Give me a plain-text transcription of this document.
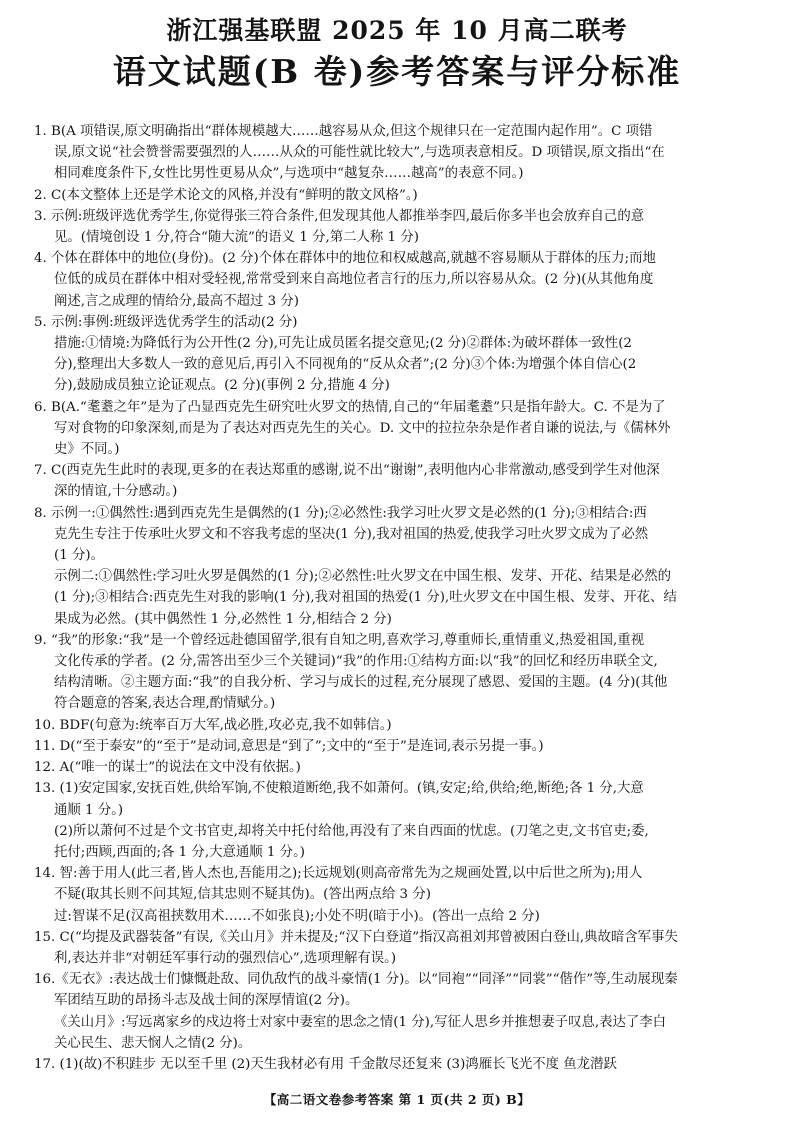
浙江强基联盟 2025 年 10 月高二联考
语文试题(B 卷)参考答案与评分标准
1. B(A 项错误,原文明确指出“群体规模越大……越容易从众,但这个规律只在一定范围内起作用”。C 项错
误,原文说“社会赞誉需要强烈的人……从众的可能性就比较大”,与选项表意相反。D 项错误,原文指出“在
相同难度条件下,女性比男性更易从众”,与选项中“越复杂……越高”的表意不同。)
2. C(本文整体上还是学术论文的风格,并没有“鲜明的散文风格”。)
3. 示例:班级评选优秀学生,你觉得张三符合条件,但发现其他人都推举李四,最后你多半也会放弃自己的意
见。(情境创设 1 分,符合“随大流”的语义 1 分,第二人称 1 分)
4. 个体在群体中的地位(身份)。(2 分)个体在群体中的地位和权威越高,就越不容易顺从于群体的压力;而地
位低的成员在群体中相对受轻视,常常受到来自高地位者言行的压力,所以容易从众。(2 分)(从其他角度
阐述,言之成理的情给分,最高不超过 3 分)
5. 示例:事例:班级评选优秀学生的活动(2 分)
措施:①情境:为降低行为公开性(2 分),可先让成员匿名提交意见;(2 分)②群体:为破坏群体一致性(2
分),整理出大多数人一致的意见后,再引入不同视角的“反从众者”;(2 分)③个体:为增强个体自信心(2
分),鼓励成员独立论证观点。(2 分)(事例 2 分,措施 4 分)
6. B(A.“耄耋之年”是为了凸显西克先生研究吐火罗文的热情,自己的“年届耄耋”只是指年龄大。C. 不是为了
写对食物的印象深刻,而是为了表达对西克先生的关心。D. 文中的拉拉杂杂是作者自谦的说法,与《儒林外
史》不同。)
7. C(西克先生此时的表现,更多的在表达郑重的感谢,说不出“谢谢”,表明他内心非常激动,感受到学生对他深
深的情谊,十分感动。)
8. 示例一:①偶然性:遇到西克先生是偶然的(1 分);②必然性:我学习吐火罗文是必然的(1 分);③相结合:西
克先生专注于传承吐火罗文和不容我考虑的坚决(1 分),我对祖国的热爱,使我学习吐火罗文成为了必然
(1 分)。
示例二:①偶然性:学习吐火罗是偶然的(1 分);②必然性:吐火罗文在中国生根、发芽、开花、结果是必然的
(1 分);③相结合:西克先生对我的影响(1 分),我对祖国的热爱(1 分),吐火罗文在中国生根、发芽、开花、结
果成为必然。(其中偶然性 1 分,必然性 1 分,相结合 2 分)
9. “我”的形象:“我”是一个曾经远赴德国留学,很有自知之明,喜欢学习,尊重师长,重情重义,热爱祖国,重视
文化传承的学者。(2 分,需答出至少三个关键词)“我”的作用:①结构方面:以“我”的回忆和经历串联全文,
结构清晰。②主题方面:“我”的自我分析、学习与成长的过程,充分展现了感恩、爱国的主题。(4 分)(其他
符合题意的答案,表达合理,酌情赋分。)
10. BDF(句意为:统率百万大军,战必胜,攻必克,我不如韩信。)
11. D(“至于泰安”的“至于”是动词,意思是“到了”;文中的“至于”是连词,表示另提一事。)
12. A(“唯一的谋士”的说法在文中没有依据。)
13. (1)安定国家,安抚百姓,供给军饷,不使粮道断绝,我不如萧何。(镇,安定;给,供给;绝,断绝;各 1 分,大意
通顺 1 分。)
(2)所以萧何不过是个文书官吏,却将关中托付给他,再没有了来自西面的忧虑。(刀笔之吏,文书官吏;委,
托付;西顾,西面的;各 1 分,大意通顺 1 分。)
14. 智:善于用人(此三者,皆人杰也,吾能用之);长远规划(则高帝常先为之规画处置,以中后世之所为);用人
不疑(取其长则不问其短,信其忠则不疑其伪)。(答出两点给 3 分)
过:智谋不足(汉高祖挟数用术……不如张良);小处不明(暗于小)。(答出一点给 2 分)
15. C(“均提及武器装备”有误,《关山月》并未提及;“汉下白登道”指汉高祖刘邦曾被困白登山,典故暗含军事失
利,表达并非“对朝廷军事行动的强烈信心”,选项理解有误。)
16.《无衣》:表达战士们慷慨赴敌、同仇敌忾的战斗豪情(1 分)。以“同袍”“同泽”“同裳”“偕作”等,生动展现秦
军团结互助的昂扬斗志及战士间的深厚情谊(2 分)。
《关山月》:写远离家乡的戍边将士对家中妻室的思念之情(1 分),写征人思乡并推想妻子叹息,表达了李白
关心民生、悲天悯人之情(2 分)。
17. (1)(故)不积跬步 无以至千里 (2)天生我材必有用 千金散尽还复来 (3)鸿雁长飞光不度 鱼龙潜跃
【高二语文卷参考答案 第 1 页(共 2 页) B】
